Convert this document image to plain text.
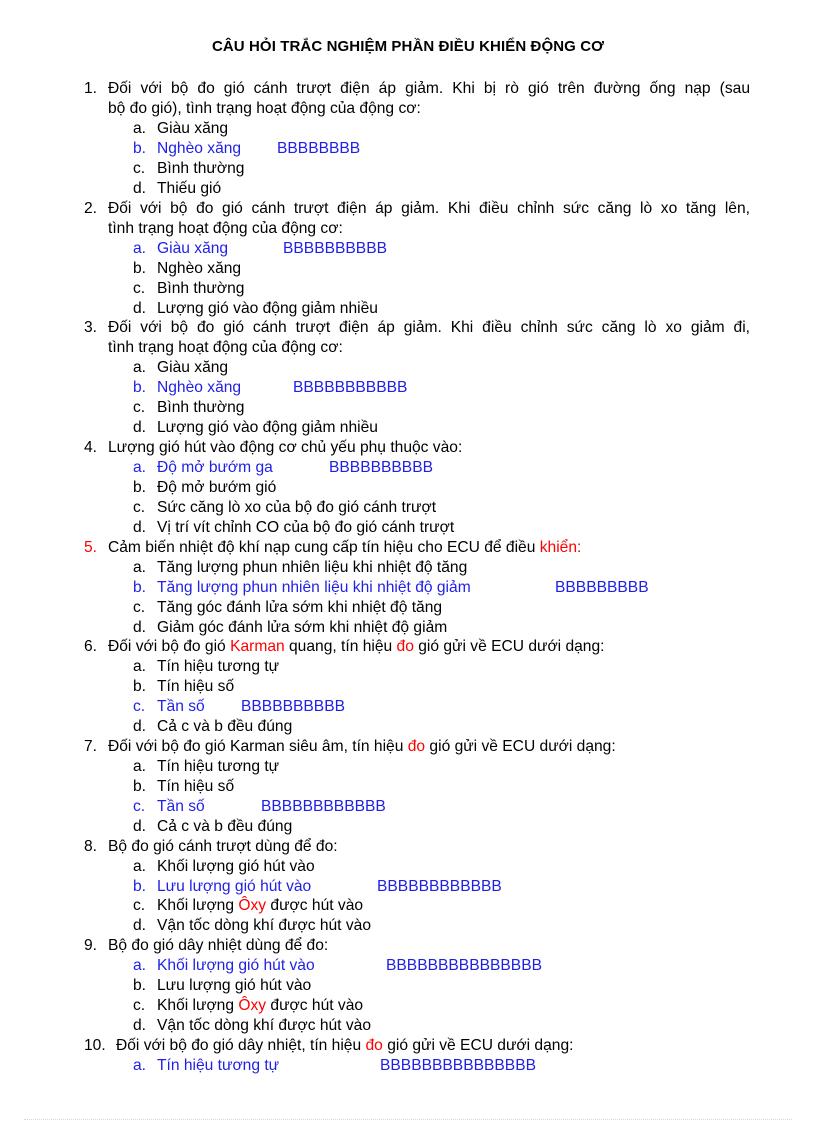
CÂU HỎI TRẮC NGHIỆM PHẦN ĐIỀU KHIỂN ĐỘNG CƠ
1. Đối với bộ đo gió cánh trượt điện áp giảm. Khi bị rò gió trên đường ống nạp (sau
bộ đo gió), tình trạng hoạt động của động cơ:
a. Giàu xăng
b. Nghèo xăng BBBBBBBB
c. Bình thường
d. Thiếu gió
2. Đối với bộ đo gió cánh trượt điện áp giảm. Khi điều chỉnh sức căng lò xo tăng lên,
tình trạng hoạt động của động cơ:
a. Giàu xăng	BBBBBBBBBB
b. Nghèo xăng
c. Bình thường
d. Lượng gió vào động giảm nhiều
3. Đối với bộ đo gió cánh trượt điện áp giảm. Khi điều chỉnh sức căng lò xo giảm đi,
tình trạng hoạt động của động cơ:
a. Giàu xăng
b. Nghèo xăng	BBBBBBBBBBB
c. Bình thường
d. Lượng gió vào động giảm nhiều
4. Lượng gió hút vào động cơ chủ yếu phụ thuộc vào:
a. Độ mở bướm ga	BBBBBBBBBB
b. Độ mở bướm gió
c. Sức căng lò xo của bộ đo gió cánh trượt
d. Vị trí vít chỉnh CO của bộ đo gió cánh trượt
5. Cảm biến nhiệt độ khí nạp cung cấp tín hiệu cho ECU để điều khiển:
a. Tăng lượng phun nhiên liệu khi nhiệt độ tăng
b. Tăng lượng phun nhiên liệu khi nhiệt độ giảm	BBBBBBBBB
c. Tăng góc đánh lửa sớm khi nhiệt độ tăng
d. Giảm góc đánh lửa sớm khi nhiệt độ giảm
6. Đối với bộ đo gió Karman quang, tín hiệu đo gió gửi về ECU dưới dạng:
a. Tín hiệu tương tự
b. Tín hiệu số
c. Tần số BBBBBBBBBB
d. Cả c và b đều đúng
7. Đối với bộ đo gió Karman siêu âm, tín hiệu đo gió gửi về ECU dưới dạng:
a. Tín hiệu tương tự
b. Tín hiệu số
c. Tần số	BBBBBBBBBBBB
d. Cả c và b đều đúng
8. Bộ đo gió cánh trượt dùng để đo:
a. Khối lượng gió hút vào
b. Lưu lượng gió hút vào	BBBBBBBBBBBB
c. Khối lượng Ôxy được hút vào
d. Vận tốc dòng khí được hút vào
9. Bộ đo gió dây nhiệt dùng để đo:
a. Khối lượng gió hút vào	BBBBBBBBBBBBBBB
b. Lưu lượng gió hút vào
c. Khối lượng Ôxy được hút vào
d. Vận tốc dòng khí được hút vào
10. Đối với bộ đo gió dây nhiệt, tín hiệu đo gió gửi về ECU dưới dạng:
a. Tín hiệu tương tự	BBBBBBBBBBBBBBB
